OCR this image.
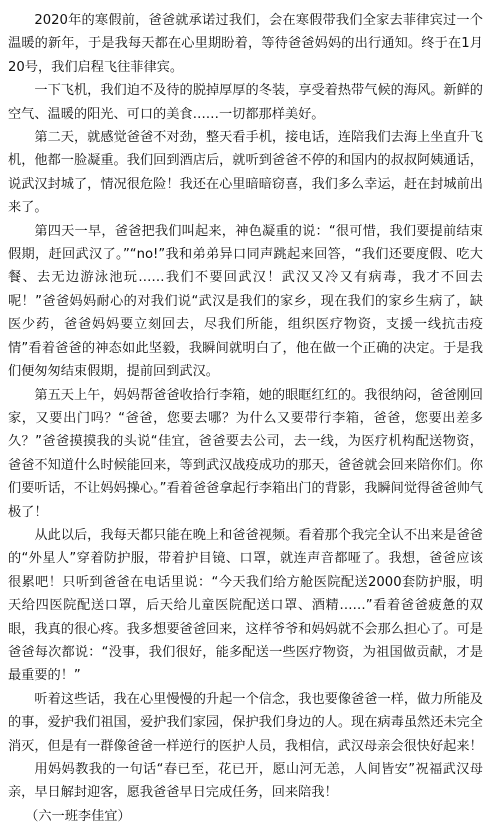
2020年的寒假前，爸爸就承诺过我们，会在寒假带我们全家去菲律宾过一个温暖的新年，于是我每天都在心里期盼着，等待爸爸妈妈的出行通知。终于在1月20号，我们启程飞往菲律宾。

一下飞机，我们迫不及待的脱掉厚厚的冬装，享受着热带气候的海风。新鲜的空气、温暖的阳光、可口的美食……一切都那样美好。

第二天，就感觉爸爸不对劲，整天看手机，接电话，连陪我们去海上坐直升飞机，他都一脸凝重。我们回到酒店后，就听到爸爸不停的和国内的叔叔阿姨通话，说武汉封城了，情况很危险！我还在心里暗暗窃喜，我们多么幸运，赶在封城前出来了。

第四天一早，爸爸把我们叫起来，神色凝重的说：“很可惜，我们要提前结束假期，赶回武汉了。”“no!”我和弟弟异口同声跳起来回答，“我们还要度假、吃大餐、去无边游泳池玩……我们不要回武汉！武汉又冷又有病毒，我才不回去呢！”爸爸妈妈耐心的对我们说“武汉是我们的家乡，现在我们的家乡生病了，缺医少药，爸爸妈妈要立刻回去，尽我们所能，组织医疗物资，支援一线抗击疫情”看着爸爸的神态如此坚毅，我瞬间就明白了，他在做一个正确的决定。于是我们便匆匆结束假期，提前回到武汉。

第五天上午，妈妈帮爸爸收拾行李箱，她的眼眶红红的。我很纳闷，爸爸刚回家，又要出门吗？“爸爸，您要去哪？为什么又要带行李箱，爸爸，您要出差多久？”爸爸摸摸我的头说“佳宜，爸爸要去公司，去一线，为医疗机构配送物资，爸爸不知道什么时候能回来，等到武汉战疫成功的那天，爸爸就会回来陪你们。你们要听话，不让妈妈操心。”看着爸爸拿起行李箱出门的背影，我瞬间觉得爸爸帅气极了！

从此以后，我每天都只能在晚上和爸爸视频。看着那个我完全认不出来是爸爸的“外星人”穿着防护服，带着护目镜、口罩，就连声音都哑了。我想，爸爸应该很累吧！只听到爸爸在电话里说：“今天我们给方舱医院配送2000套防护服，明天给四医院配送口罩，后天给儿童医院配送口罩、酒精……”看着爸爸疲惫的双眼，我真的很心疼。我多想要爸爸回来，这样爷爷和妈妈就不会那么担心了。可是爸爸每次都说：“没事，我们很好，能多配送一些医疗物资，为祖国做贡献，才是最重要的！”

听着这些话，我在心里慢慢的升起一个信念，我也要像爸爸一样，做力所能及的事，爱护我们祖国，爱护我们家园，保护我们身边的人。现在病毒虽然还未完全消灭，但是有一群像爸爸一样逆行的医护人员，我相信，武汉母亲会很快好起来！

用妈妈教我的一句话“春已至，花已开，愿山河无恙，人间皆安”祝福武汉母亲，早日解封迎客，愿我爸爸早日完成任务，回来陪我！

（六一班李佳宜）
